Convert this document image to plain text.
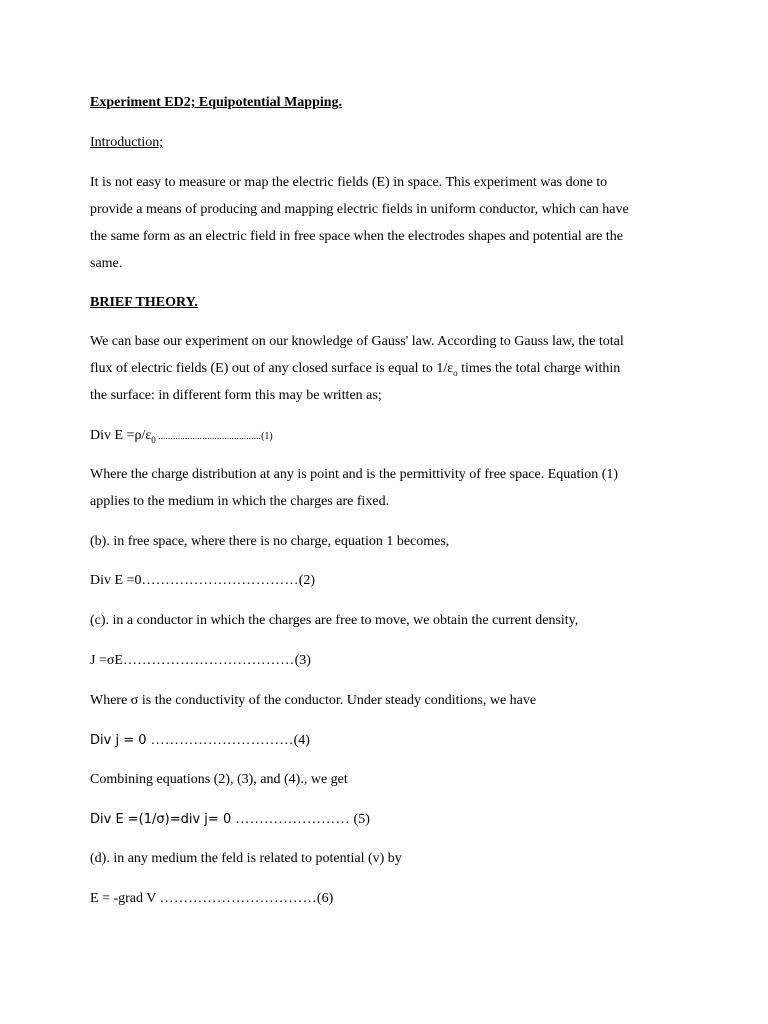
Experiment ED2; Equipotential Mapping.
Introduction;
It is not easy to measure or map the electric fields (E) in space. This experiment was done to
provide a means of producing and mapping electric fields in uniform conductor, which can have
the same form as an electric field in free space when the electrodes shapes and potential are the
same.
BRIEF THEORY.
We can base our experiment on our knowledge of Gauss' law. According to Gauss law, the total
flux of electric fields (E) out of any closed surface is equal to $1/\varepsilon_o$ times the total charge within
the surface: in different form this may be written as;
Div $E =\rho/\varepsilon_0$ ..........................................(1)
Where the charge distribution at any is point and is the permittivity of free space. Equation (1)
applies to the medium in which the charges are fixed.
(b). in free space, where there is no charge, equation 1 becomes,
Div E =0……………………………(2)
(c). in a conductor in which the charges are free to move, we obtain the current density,
J =σE………………………………(3)
Where σ is the conductivity of the conductor. Under steady conditions, we have
Div j = 0 …………………………(4)
Combining equations (2), (3), and (4)., we get
Div E =(1/σ)=div j= 0 …………………… (5)
(d). in any medium the feld is related to potential (v) by
E = -grad V ……………………………(6)
